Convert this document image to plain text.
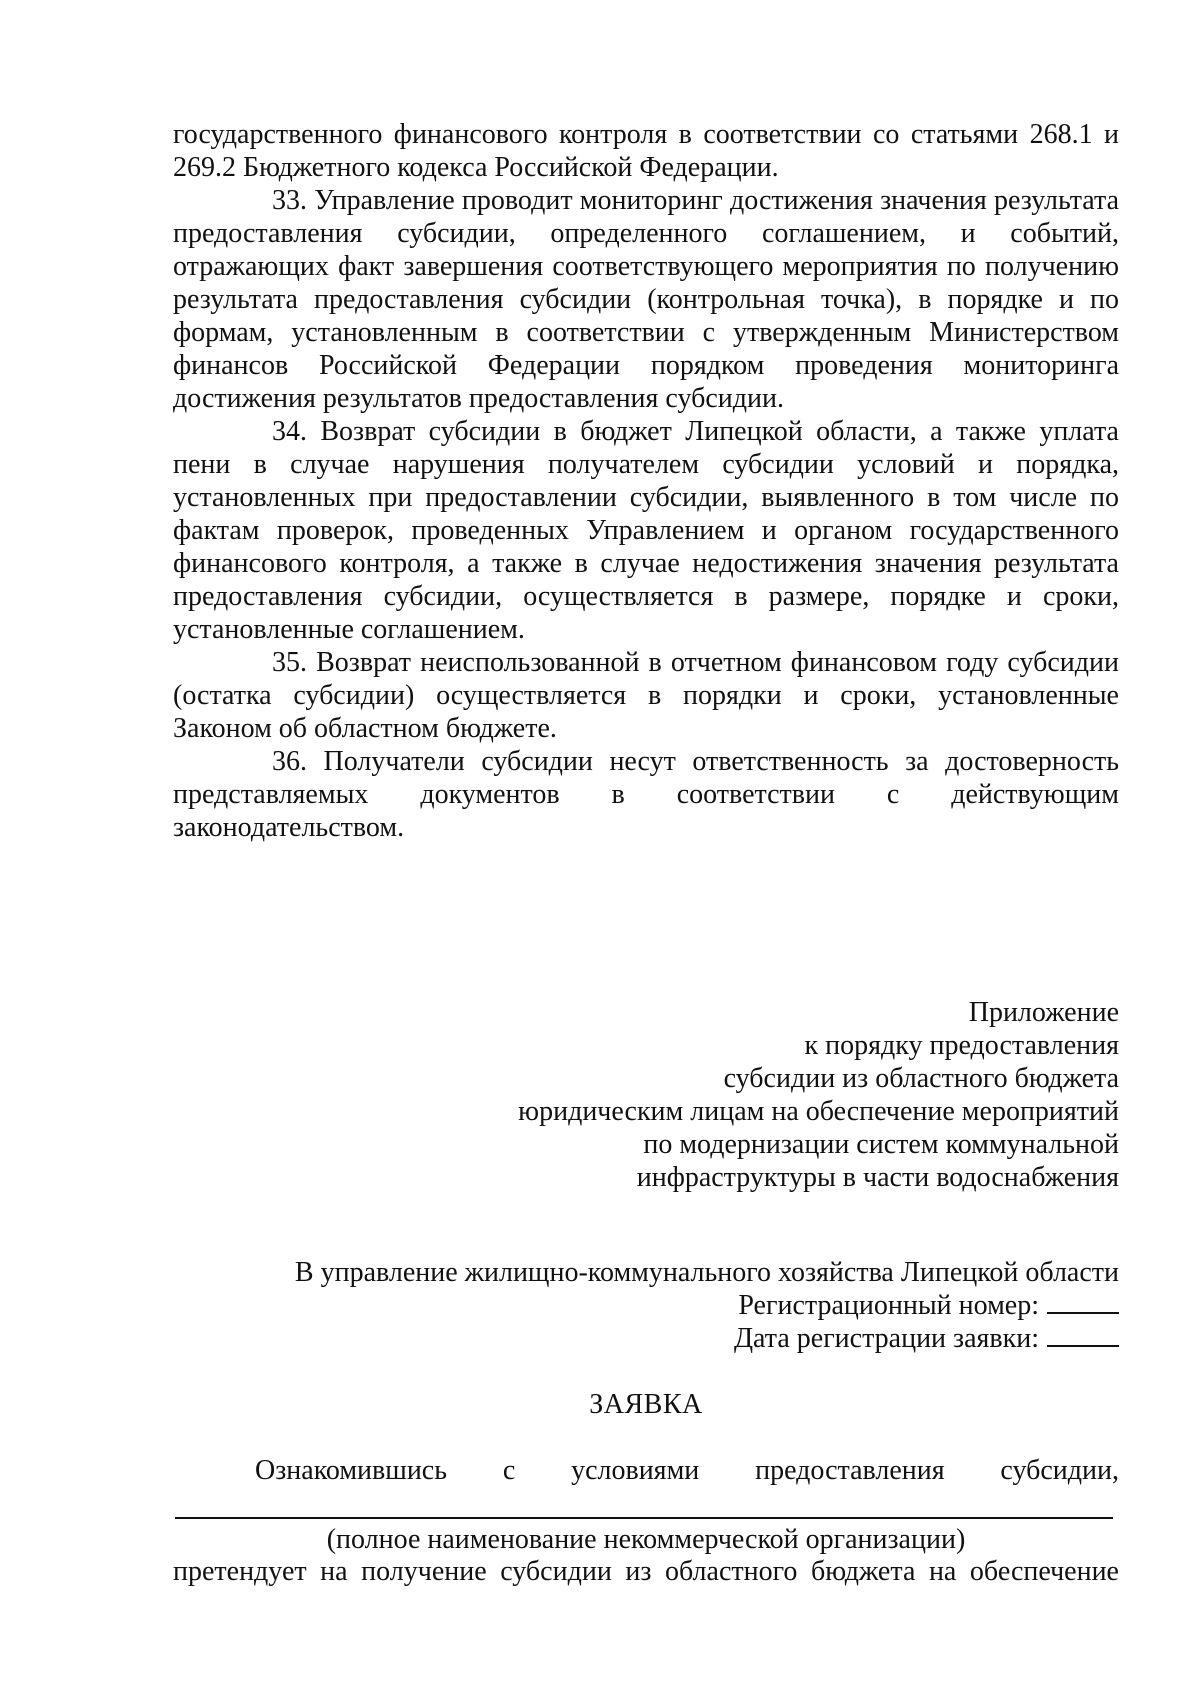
государственного финансового контроля в соответствии со статьями 268.1 и 269.2 Бюджетного кодекса Российской Федерации.

33. Управление проводит мониторинг достижения значения результата предоставления субсидии, определенного соглашением, и событий, отражающих факт завершения соответствующего мероприятия по получению результата предоставления субсидии (контрольная точка), в порядке и по формам, установленным в соответствии с утвержденным Министерством финансов Российской Федерации порядком проведения мониторинга достижения результатов предоставления субсидии.

34. Возврат субсидии в бюджет Липецкой области, а также уплата пени в случае нарушения получателем субсидии условий и порядка, установленных при предоставлении субсидии, выявленного в том числе по фактам проверок, проведенных Управлением и органом государственного финансового контроля, а также в случае недостижения значения результата предоставления субсидии, осуществляется в размере, порядке и сроки, установленные соглашением.

35. Возврат неиспользованной в отчетном финансовом году субсидии (остатка субсидии) осуществляется в порядки и сроки, установленные Законом об областном бюджете.

36. Получатели субсидии несут ответственность за достоверность представляемых документов в соответствии с действующим законодательством.

Приложение
к порядку предоставления
субсидии из областного бюджета
юридическим лицам на обеспечение мероприятий
по модернизации систем коммунальной
инфраструктуры в части водоснабжения
В управление жилищно-коммунального хозяйства Липецкой области
Регистрационный номер:
Дата регистрации заявки:
ЗАЯВКА
Ознакомившись с условиями предоставления субсидии,
(полное наименование некоммерческой организации)
претендует на получение субсидии из областного бюджета на обеспечение
